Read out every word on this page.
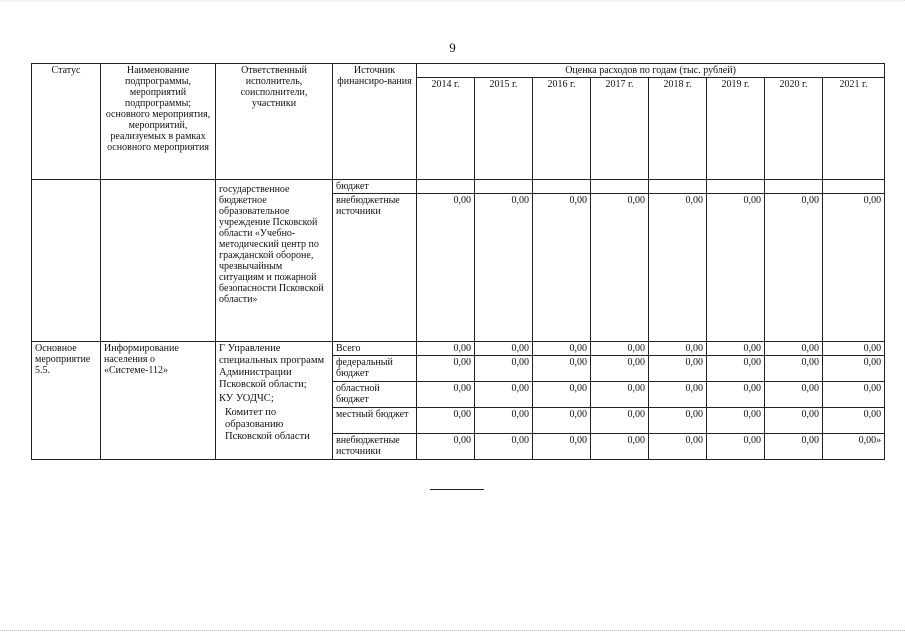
9
Статус	Наименование подпрограммы, мероприятий подпрограммы; основного мероприятия, мероприятий, реализуемых в рамках основного мероприятия	Ответственный исполнитель, соисполнители, участники	Источник финансиро-вания	Оценка расходов по годам (тыс. рублей)							
				2014 г.	2015 г.	2016 г.	2017 г.	2018 г.	2019 г.	2020 г.	2021 г.
		государственное бюджетное образовательное учреждение Псковской области «Учебно-методический центр по гражданской обороне, чрезвычайным ситуациям и пожарной безопасности Псковской области»	бюджет								
			внебюджетные источники	0,00	0,00	0,00	0,00	0,00	0,00	0,00	0,00
Основное мероприятие 5.5.	Информирование населения о «Системе-112»	Г Управление специальных программ Администрации Псковской области;
КУ УОДЧС;
Комитет по образованию Псковской области	Всего	0,00	0,00	0,00	0,00	0,00	0,00	0,00	0,00
			федеральный бюджет	0,00	0,00	0,00	0,00	0,00	0,00	0,00	0,00
			областной бюджет	0,00	0,00	0,00	0,00	0,00	0,00	0,00	0,00
			местный бюджет	0,00	0,00	0,00	0,00	0,00	0,00	0,00	0,00
			внебюджетные источники	0,00	0,00	0,00	0,00	0,00	0,00	0,00	0,00»
